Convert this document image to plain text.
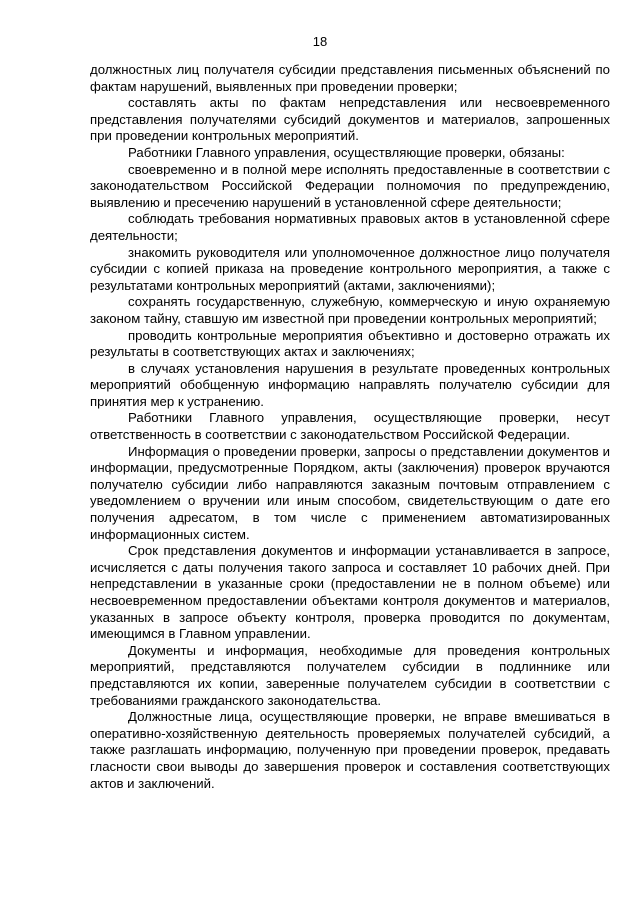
18

должностных лиц получателя субсидии представления письменных объяснений по фактам нарушений, выявленных при проведении проверки;

составлять акты по фактам непредставления или несвоевременного представления получателями субсидий документов и материалов, запрошенных при проведении контрольных мероприятий.

Работники Главного управления, осуществляющие проверки, обязаны:

своевременно и в полной мере исполнять предоставленные в соответствии с законодательством Российской Федерации полномочия по предупреждению, выявлению и пресечению нарушений в установленной сфере деятельности;

соблюдать требования нормативных правовых актов в установленной сфере деятельности;

знакомить руководителя или уполномоченное должностное лицо получателя субсидии с копией приказа на проведение контрольного мероприятия, а также с результатами контрольных мероприятий (актами, заключениями);

сохранять государственную, служебную, коммерческую и иную охраняемую законом тайну, ставшую им известной при проведении контрольных мероприятий;

проводить контрольные мероприятия объективно и достоверно отражать их результаты в соответствующих актах и заключениях;

в случаях установления нарушения в результате проведенных контрольных мероприятий обобщенную информацию направлять получателю субсидии для принятия мер к устранению.

Работники Главного управления, осуществляющие проверки, несут ответственность в соответствии с законодательством Российской Федерации.

Информация о проведении проверки, запросы о представлении документов и информации, предусмотренные Порядком, акты (заключения) проверок вручаются получателю субсидии либо направляются заказным почтовым отправлением с уведомлением о вручении или иным способом, свидетельствующим о дате его получения адресатом, в том числе с применением автоматизированных информационных систем.

Срок представления документов и информации устанавливается в запросе, исчисляется с даты получения такого запроса и составляет 10 рабочих дней. При непредставлении в указанные сроки (предоставлении не в полном объеме) или несвоевременном предоставлении объектами контроля документов и материалов, указанных в запросе объекту контроля, проверка проводится по документам, имеющимся в Главном управлении.

Документы и информация, необходимые для проведения контрольных мероприятий, представляются получателем субсидии в подлиннике или представляются их копии, заверенные получателем субсидии в соответствии с требованиями гражданского законодательства.

Должностные лица, осуществляющие проверки, не вправе вмешиваться в оперативно-хозяйственную деятельность проверяемых получателей субсидий, а также разглашать информацию, полученную при проведении проверок, предавать гласности свои выводы до завершения проверок и составления соответствующих актов и заключений.
